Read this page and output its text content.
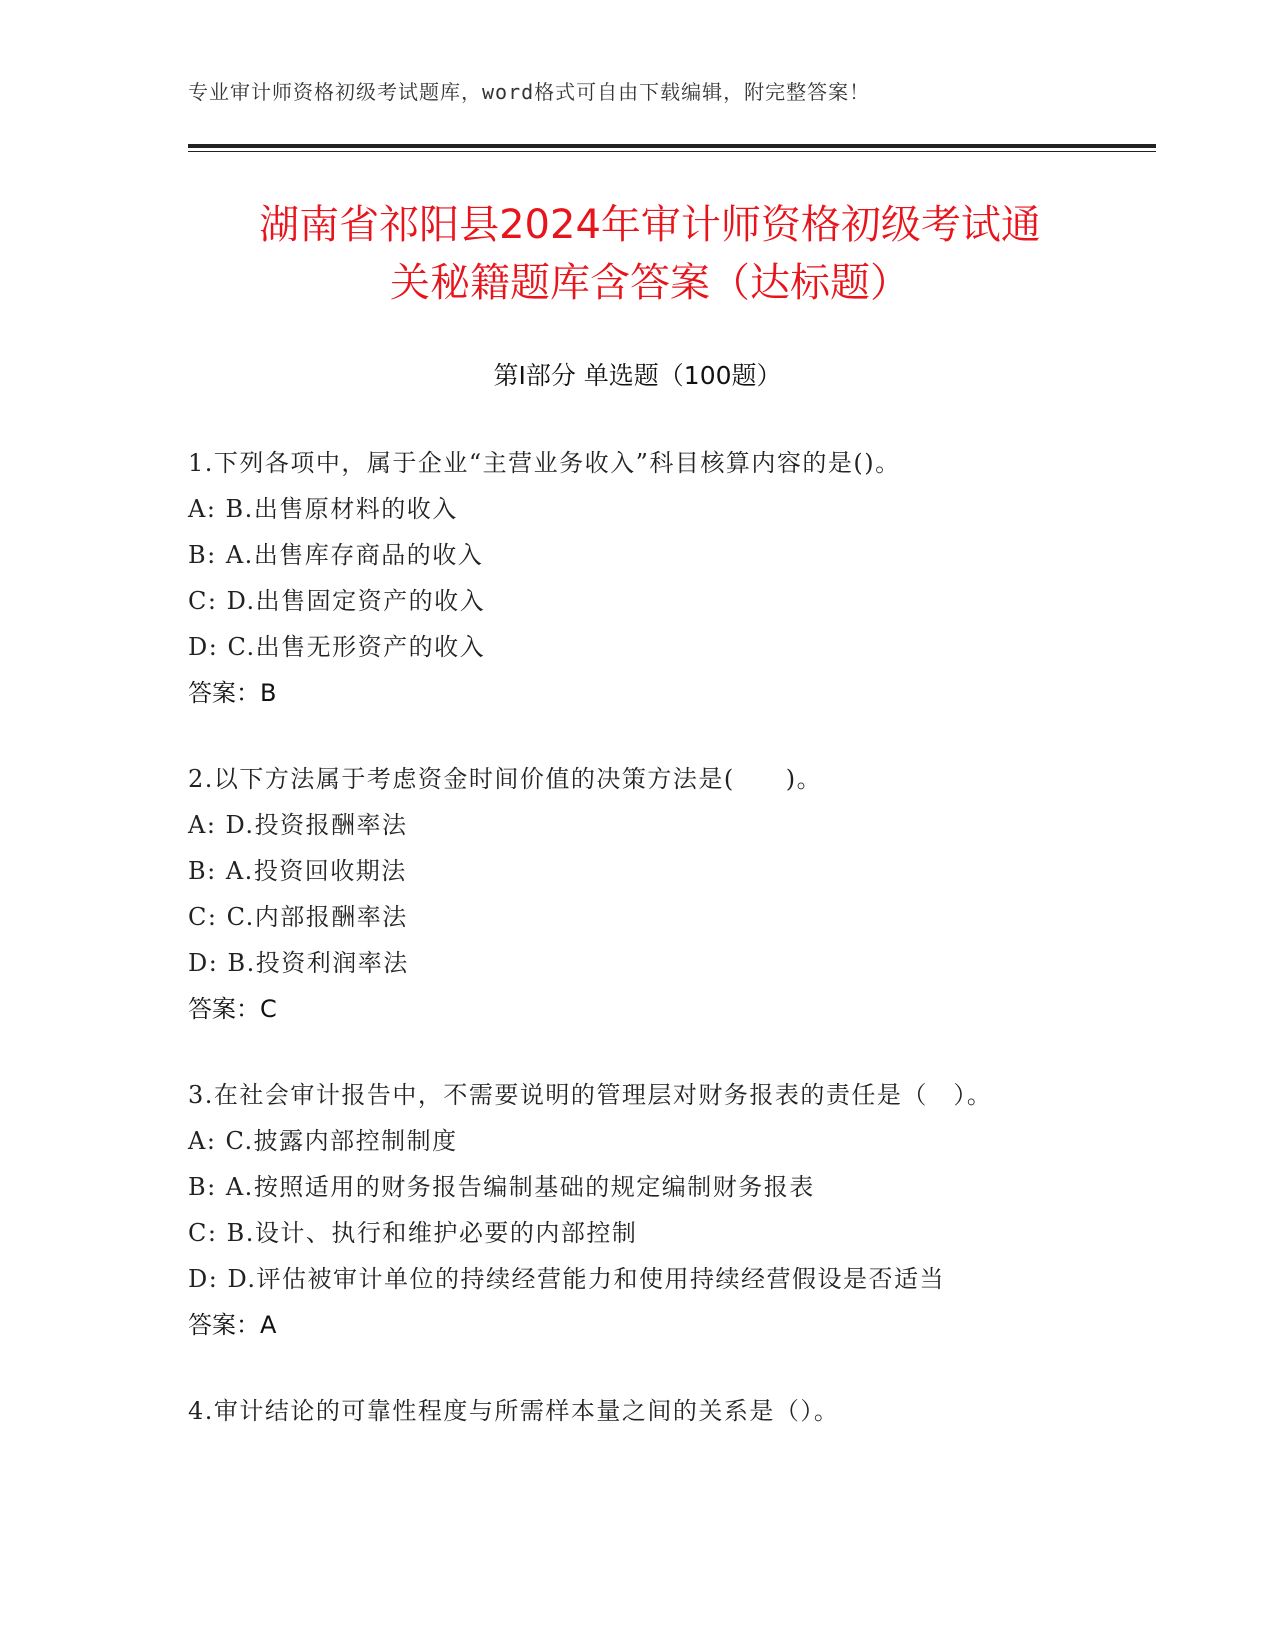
专业审计师资格初级考试题库，word格式可自由下载编辑，附完整答案！
湖南省祁阳县2024年审计师资格初级考试通
关秘籍题库含答案（达标题）
第Ⅰ部分 单选题（100题）
1.下列各项中，属于企业“主营业务收入”科目核算内容的是()。
A: B.出售原材料的收入
B: A.出售库存商品的收入
C: D.出售固定资产的收入
D: C.出售无形资产的收入
答案：B
2.以下方法属于考虑资金时间价值的决策方法是(　　)。
A: D.投资报酬率法
B: A.投资回收期法
C: C.内部报酬率法
D: B.投资利润率法
答案：C
3.在社会审计报告中，不需要说明的管理层对财务报表的责任是（　）。
A: C.披露内部控制制度
B: A.按照适用的财务报告编制基础的规定编制财务报表
C: B.设计、执行和维护必要的内部控制
D: D.评估被审计单位的持续经营能力和使用持续经营假设是否适当
答案：A
4.审计结论的可靠性程度与所需样本量之间的关系是（）。
